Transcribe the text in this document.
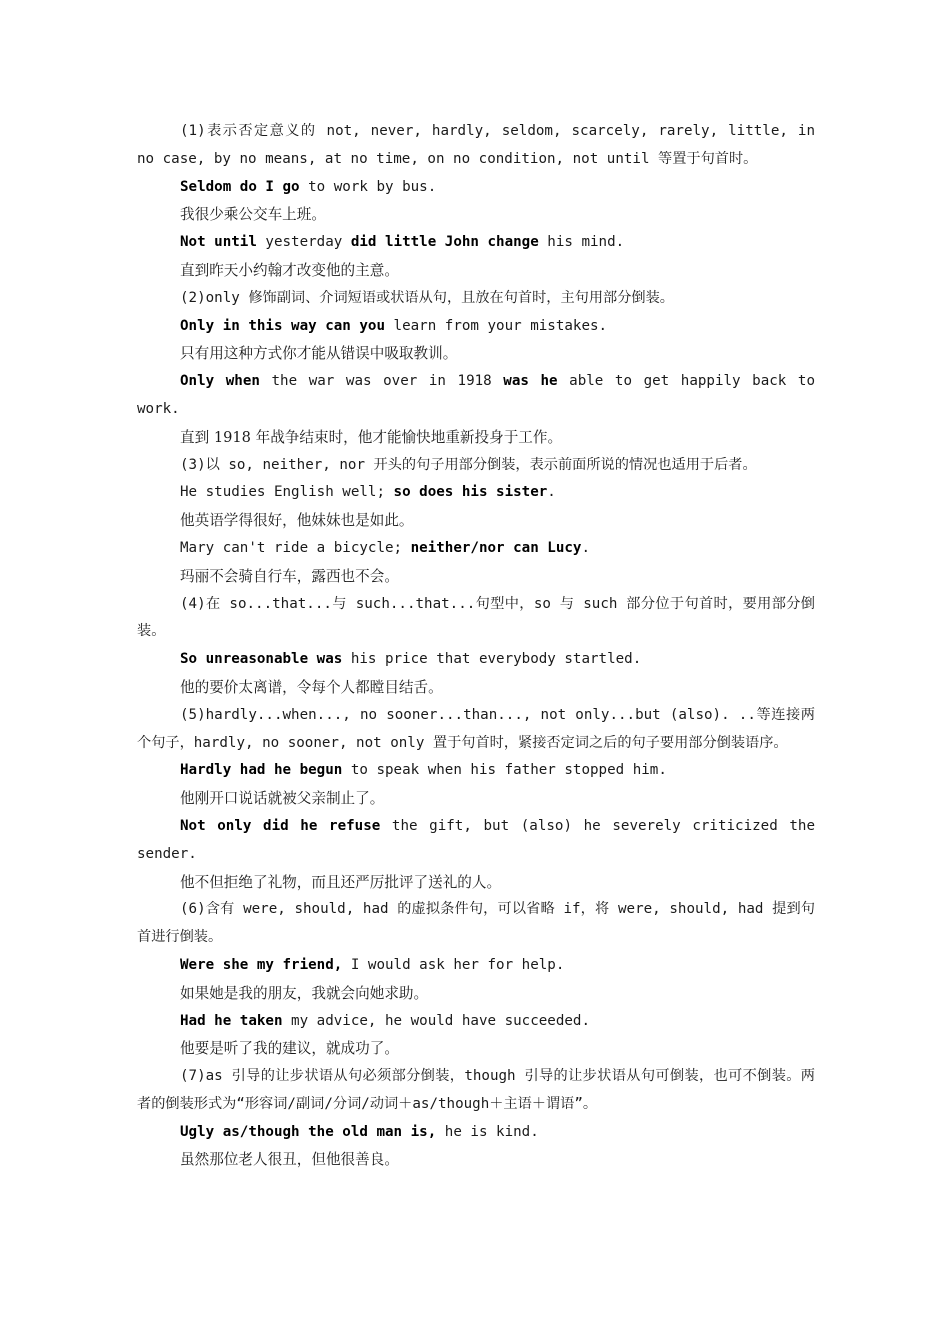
(1)表示否定意义的 not, never, hardly, seldom, scarcely, rarely, little, in no case, by no means, at no time, on no condition, not until 等置于句首时。

Seldom do I go to work by bus.

我很少乘公交车上班。

Not until yesterday did little John change his mind.

直到昨天小约翰才改变他的主意。

(2)only 修饰副词、介词短语或状语从句，且放在句首时，主句用部分倒装。

Only in this way can you learn from your mistakes.

只有用这种方式你才能从错误中吸取教训。

Only when the war was over in 1918 was he able to get happily back to work.

直到 1918 年战争结束时，他才能愉快地重新投身于工作。

(3)以 so, neither, nor 开头的句子用部分倒装，表示前面所说的情况也适用于后者。

He studies English well; so does his sister.

他英语学得很好，他妹妹也是如此。

Mary can't ride a bicycle; neither/nor can Lucy.

玛丽不会骑自行车，露西也不会。

(4)在 so...that...与 such...that...句型中，so 与 such 部分位于句首时，要用部分倒装。

So unreasonable was his price that everybody startled.

他的要价太离谱，令每个人都瞠目结舌。

(5)hardly...when..., no sooner...than..., not only...but (also). ..等连接两个句子，hardly, no sooner, not only 置于句首时，紧接否定词之后的句子要用部分倒装语序。

Hardly had he begun to speak when his father stopped him.

他刚开口说话就被父亲制止了。

Not only did he refuse the gift, but (also) he severely criticized the sender.

他不但拒绝了礼物，而且还严厉批评了送礼的人。

(6)含有 were, should, had 的虚拟条件句，可以省略 if，将 were, should, had 提到句首进行倒装。

Were she my friend, I would ask her for help.

如果她是我的朋友，我就会向她求助。

Had he taken my advice, he would have succeeded.

他要是听了我的建议，就成功了。

(7)as 引导的让步状语从句必须部分倒装，though 引导的让步状语从句可倒装，也可不倒装。两者的倒装形式为“形容词/副词/分词/动词＋as/though＋主语＋谓语”。

Ugly as/though the old man is, he is kind.

虽然那位老人很丑，但他很善良。
